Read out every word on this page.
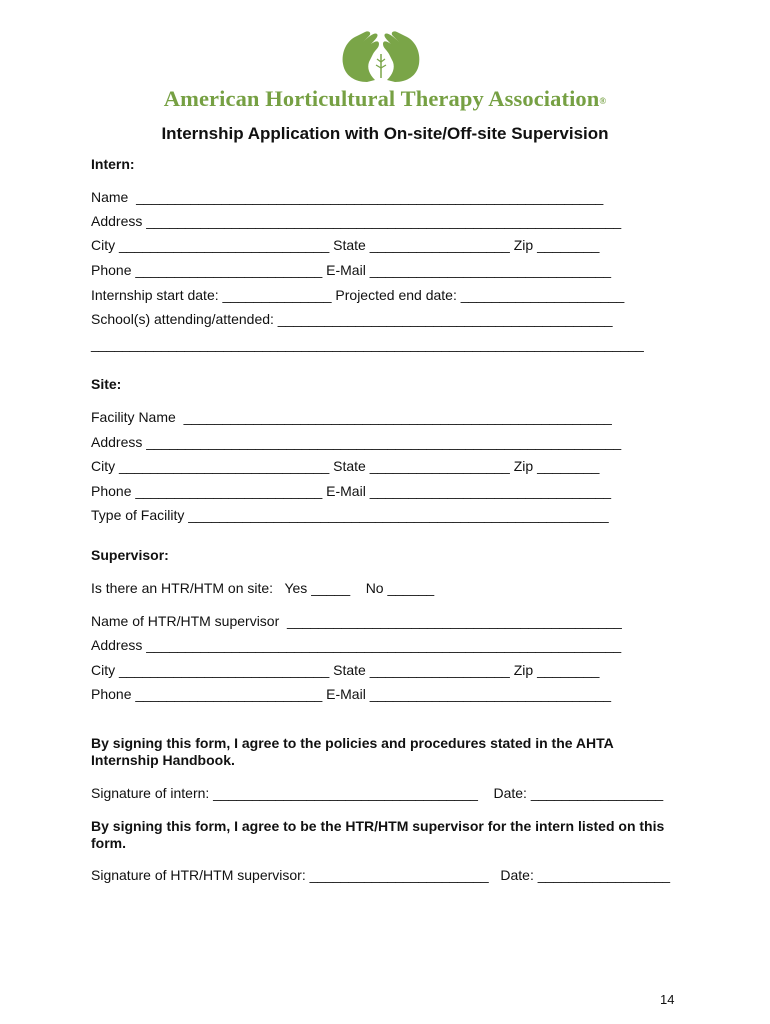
American Horticultural Therapy Association®
Internship Application with On-site/Off-site Supervision
Intern:
Name  ____________________________________________________________
Address _____________________________________________________________
City ___________________________ State __________________ Zip ________
Phone ________________________ E-Mail _______________________________
Internship start date: ______________ Projected end date: _____________________
School(s) attending/attended: ___________________________________________
_______________________________________________________________________
Site:
Facility Name  _______________________________________________________
Address _____________________________________________________________
City ___________________________ State __________________ Zip ________
Phone ________________________ E-Mail _______________________________
Type of Facility ______________________________________________________
Supervisor:
Is there an HTR/HTM on site:   Yes _____    No ______
Name of HTR/HTM supervisor  ___________________________________________
Address _____________________________________________________________
City ___________________________ State __________________ Zip ________
Phone ________________________ E-Mail _______________________________
By signing this form, I agree to the policies and procedures stated in the AHTA
Internship Handbook.
Signature of intern: __________________________________    Date: _________________
By signing this form, I agree to be the HTR/HTM supervisor for the intern listed on this
form.
Signature of HTR/HTM supervisor: _______________________   Date: _________________
14
